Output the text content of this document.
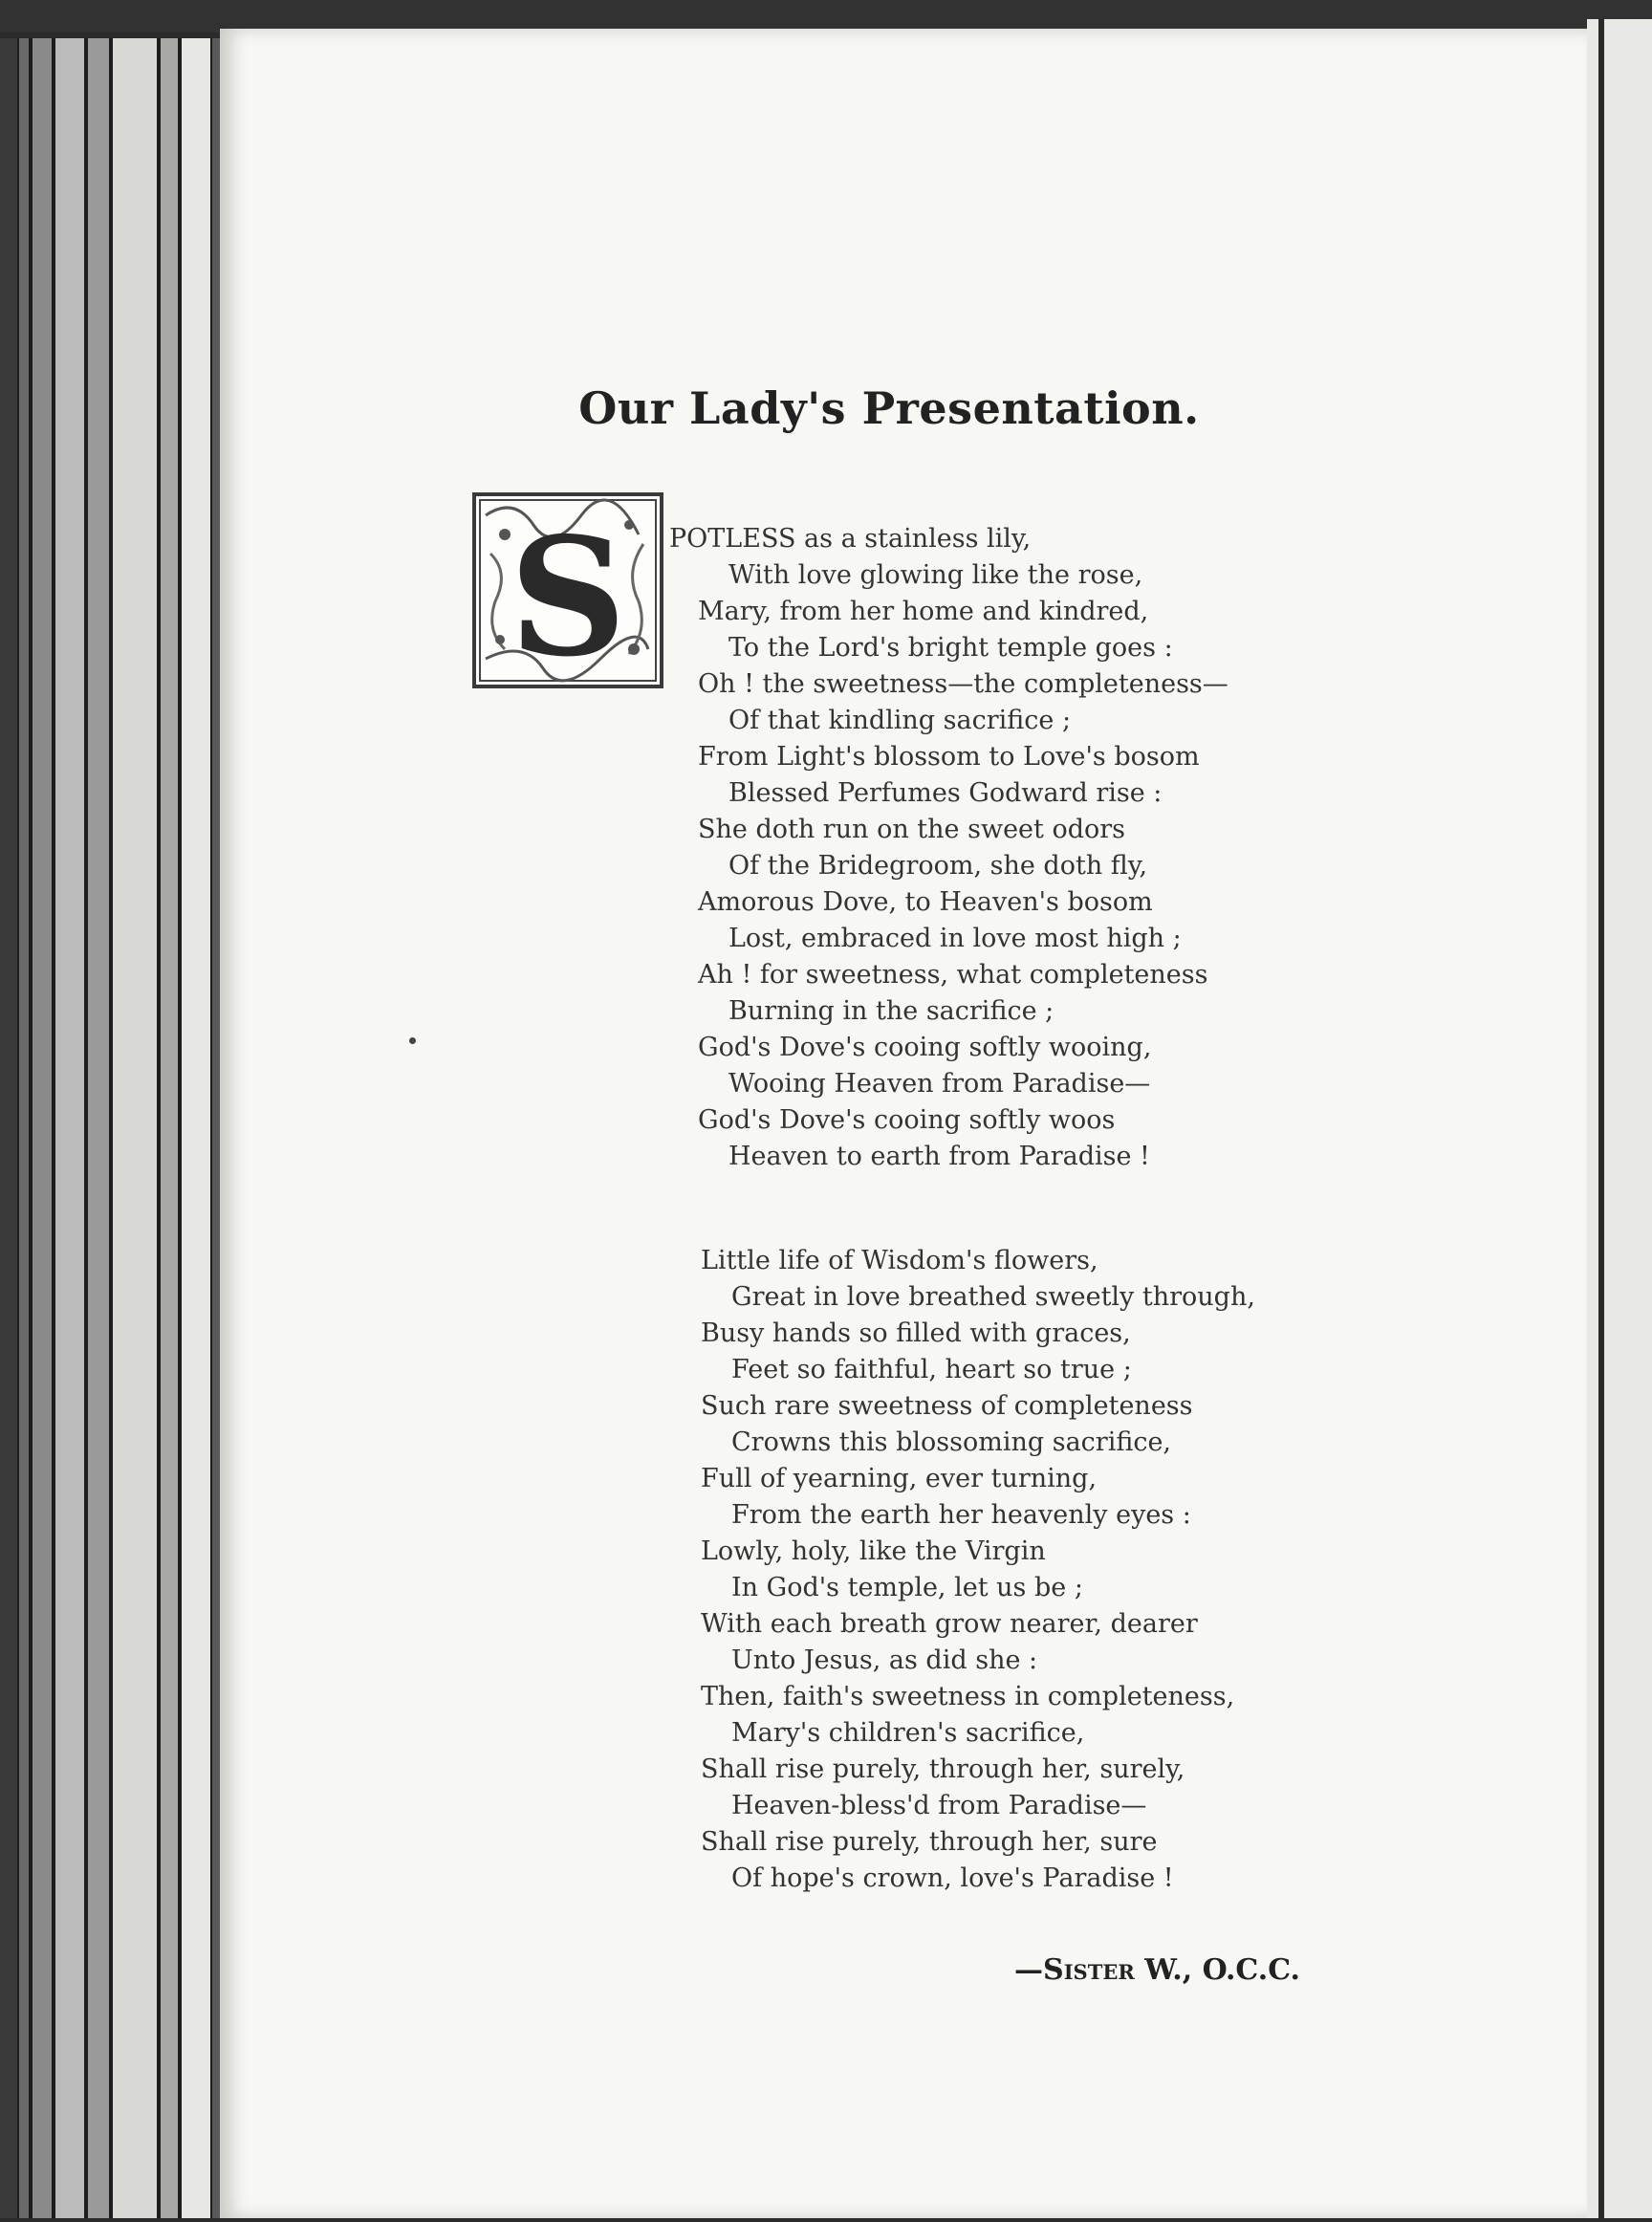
Our Lady's Presentation.
S POTLESS as a stainless lily,
With love glowing like the rose,
Mary, from her home and kindred,
To the Lord's bright temple goes :
Oh ! the sweetness—the completeness—
Of that kindling sacrifice ;
From Light's blossom to Love's bosom
Blessed Perfumes Godward rise :
She doth run on the sweet odors
Of the Bridegroom, she doth fly,
Amorous Dove, to Heaven's bosom
Lost, embraced in love most high ;
Ah ! for sweetness, what completeness
Burning in the sacrifice ;
God's Dove's cooing softly wooing,
Wooing Heaven from Paradise—
God's Dove's cooing softly woos
Heaven to earth from Paradise !
Little life of Wisdom's flowers,
Great in love breathed sweetly through,
Busy hands so filled with graces,
Feet so faithful, heart so true ;
Such rare sweetness of completeness
Crowns this blossoming sacrifice,
Full of yearning, ever turning,
From the earth her heavenly eyes :
Lowly, holy, like the Virgin
In God's temple, let us be ;
With each breath grow nearer, dearer
Unto Jesus, as did she :
Then, faith's sweetness in completeness,
Mary's children's sacrifice,
Shall rise purely, through her, surely,
Heaven-bless'd from Paradise—
Shall rise purely, through her, sure
Of hope's crown, love's Paradise !
—Sister W., O.C.C.
